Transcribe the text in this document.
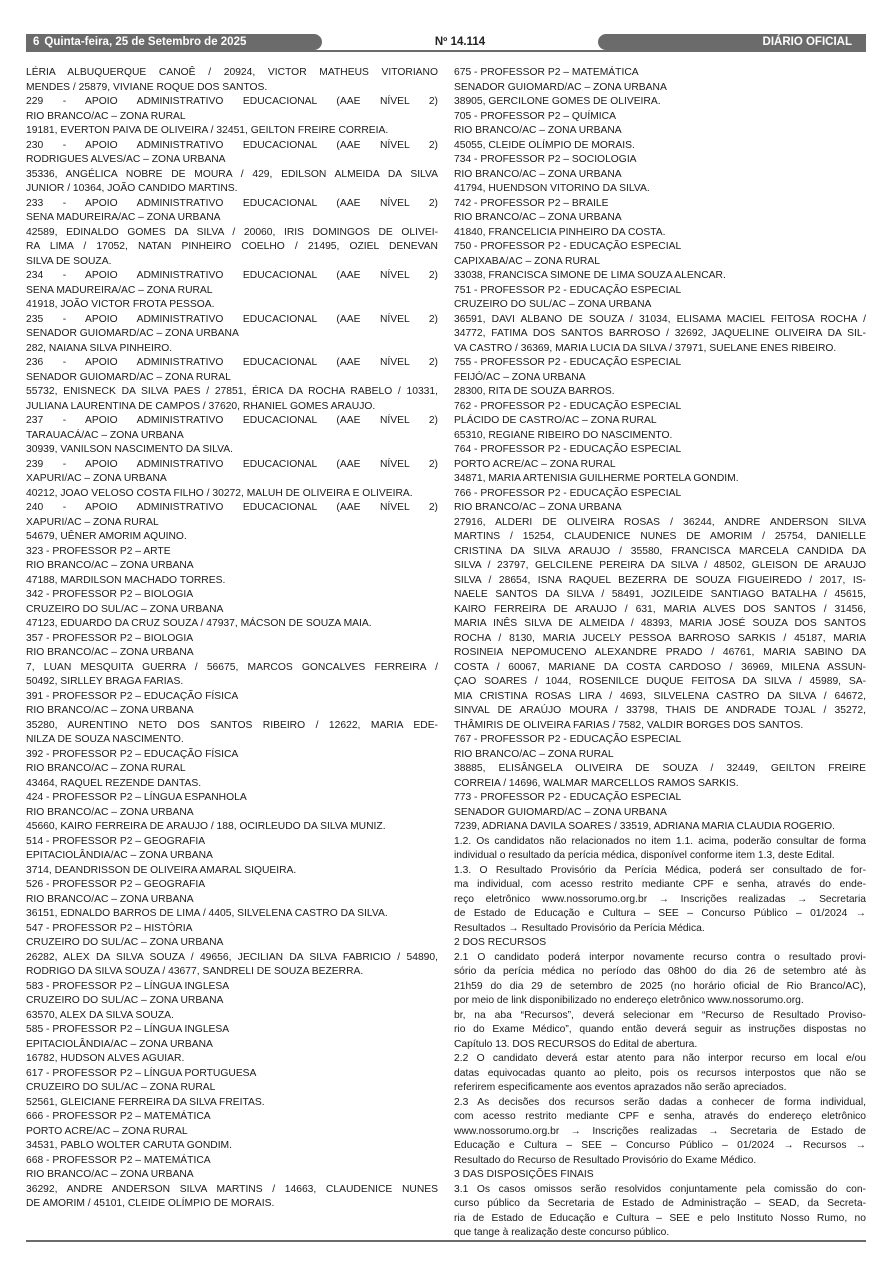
6 Quinta-feira, 25 de Setembro de 2025	Nº 14.114	DIÁRIO OFICIAL
LÉRIA ALBUQUERQUE CANOÊ / 20924, VICTOR MATHEUS VITORIANO
MENDES / 25879, VIVIANE ROQUE DOS SANTOS.
229 - APOIO ADMINISTRATIVO EDUCACIONAL (AAE NÍVEL 2)
RIO BRANCO/AC – ZONA RURAL
19181, EVERTON PAIVA DE OLIVEIRA / 32451, GEILTON FREIRE CORREIA.
230 - APOIO ADMINISTRATIVO EDUCACIONAL (AAE NÍVEL 2)
RODRIGUES ALVES/AC – ZONA URBANA
35336, ANGÉLICA NOBRE DE MOURA / 429, EDILSON ALMEIDA DA SILVA
JUNIOR / 10364, JOÃO CANDIDO MARTINS.
233 - APOIO ADMINISTRATIVO EDUCACIONAL (AAE NÍVEL 2)
SENA MADUREIRA/AC – ZONA URBANA
42589, EDINALDO GOMES DA SILVA / 20060, IRIS DOMINGOS DE OLIVEI-
RA LIMA / 17052, NATAN PINHEIRO COELHO / 21495, OZIEL DENEVAN
SILVA DE SOUZA.
234 - APOIO ADMINISTRATIVO EDUCACIONAL (AAE NÍVEL 2)
SENA MADUREIRA/AC – ZONA RURAL
41918, JOÃO VICTOR FROTA PESSOA.
235 - APOIO ADMINISTRATIVO EDUCACIONAL (AAE NÍVEL 2)
SENADOR GUIOMARD/AC – ZONA URBANA
282, NAIANA SILVA PINHEIRO.
236 - APOIO ADMINISTRATIVO EDUCACIONAL (AAE NÍVEL 2)
SENADOR GUIOMARD/AC – ZONA RURAL
55732, ENISNECK DA SILVA PAES / 27851, ÉRICA DA ROCHA RABELO / 10331,
JULIANA LAURENTINA DE CAMPOS / 37620, RHANIEL GOMES ARAUJO.
237 - APOIO ADMINISTRATIVO EDUCACIONAL (AAE NÍVEL 2)
TARAUACÁ/AC – ZONA URBANA
30939, VANILSON NASCIMENTO DA SILVA.
239 - APOIO ADMINISTRATIVO EDUCACIONAL (AAE NÍVEL 2)
XAPURI/AC – ZONA URBANA
40212, JOAO VELOSO COSTA FILHO / 30272, MALUH DE OLIVEIRA E OLIVEIRA.
240 - APOIO ADMINISTRATIVO EDUCACIONAL (AAE NÍVEL 2)
XAPURI/AC – ZONA RURAL
54679, UÊNER AMORIM AQUINO.
323 - PROFESSOR P2 – ARTE
RIO BRANCO/AC – ZONA URBANA
47188, MARDILSON MACHADO TORRES.
342 - PROFESSOR P2 – BIOLOGIA
CRUZEIRO DO SUL/AC – ZONA URBANA
47123, EDUARDO DA CRUZ SOUZA / 47937, MÁCSON DE SOUZA MAIA.
357 - PROFESSOR P2 – BIOLOGIA
RIO BRANCO/AC – ZONA URBANA
7, LUAN MESQUITA GUERRA / 56675, MARCOS GONCALVES FERREIRA /
50492, SIRLLEY BRAGA FARIAS.
391 - PROFESSOR P2 – EDUCAÇÃO FÍSICA
RIO BRANCO/AC – ZONA URBANA
35280, AURENTINO NETO DOS SANTOS RIBEIRO / 12622, MARIA EDE-
NILZA DE SOUZA NASCIMENTO.
392 - PROFESSOR P2 – EDUCAÇÃO FÍSICA
RIO BRANCO/AC – ZONA RURAL
43464, RAQUEL REZENDE DANTAS.
424 - PROFESSOR P2 – LÍNGUA ESPANHOLA
RIO BRANCO/AC – ZONA URBANA
45660, KAIRO FERREIRA DE ARAUJO / 188, OCIRLEUDO DA SILVA MUNIZ.
514 - PROFESSOR P2 – GEOGRAFIA
EPITACIOLÂNDIA/AC – ZONA URBANA
3714, DEANDRISSON DE OLIVEIRA AMARAL SIQUEIRA.
526 - PROFESSOR P2 – GEOGRAFIA
RIO BRANCO/AC – ZONA URBANA
36151, EDNALDO BARROS DE LIMA / 4405, SILVELENA CASTRO DA SILVA.
547 - PROFESSOR P2 – HISTÓRIA
CRUZEIRO DO SUL/AC – ZONA URBANA
26282, ALEX DA SILVA SOUZA / 49656, JECILIAN DA SILVA FABRICIO / 54890,
RODRIGO DA SILVA SOUZA / 43677, SANDRELI DE SOUZA BEZERRA.
583 - PROFESSOR P2 – LÍNGUA INGLESA
CRUZEIRO DO SUL/AC – ZONA URBANA
63570, ALEX DA SILVA SOUZA.
585 - PROFESSOR P2 – LÍNGUA INGLESA
EPITACIOLÂNDIA/AC – ZONA URBANA
16782, HUDSON ALVES AGUIAR.
617 - PROFESSOR P2 – LÍNGUA PORTUGUESA
CRUZEIRO DO SUL/AC – ZONA RURAL
52561, GLEICIANE FERREIRA DA SILVA FREITAS.
666 - PROFESSOR P2 – MATEMÁTICA
PORTO ACRE/AC – ZONA RURAL
34531, PABLO WOLTER CARUTA GONDIM.
668 - PROFESSOR P2 – MATEMÁTICA
RIO BRANCO/AC – ZONA URBANA
36292, ANDRE ANDERSON SILVA MARTINS / 14663, CLAUDENICE NUNES
DE AMORIM / 45101, CLEIDE OLÍMPIO DE MORAIS.
675 - PROFESSOR P2 – MATEMÁTICA
SENADOR GUIOMARD/AC – ZONA URBANA
38905, GERCILONE GOMES DE OLIVEIRA.
705 - PROFESSOR P2 – QUÍMICA
RIO BRANCO/AC – ZONA URBANA
45055, CLEIDE OLÍMPIO DE MORAIS.
734 - PROFESSOR P2 – SOCIOLOGIA
RIO BRANCO/AC – ZONA URBANA
41794, HUENDSON VITORINO DA SILVA.
742 - PROFESSOR P2 – BRAILE
RIO BRANCO/AC – ZONA URBANA
41840, FRANCELICIA PINHEIRO DA COSTA.
750 - PROFESSOR P2 - EDUCAÇÃO ESPECIAL
CAPIXABA/AC – ZONA RURAL
33038, FRANCISCA SIMONE DE LIMA SOUZA ALENCAR.
751 - PROFESSOR P2 - EDUCAÇÃO ESPECIAL
CRUZEIRO DO SUL/AC – ZONA URBANA
36591, DAVI ALBANO DE SOUZA / 31034, ELISAMA MACIEL FEITOSA ROCHA /
34772, FATIMA DOS SANTOS BARROSO / 32692, JAQUELINE OLIVEIRA DA SIL-
VA CASTRO / 36369, MARIA LUCIA DA SILVA / 37971, SUELANE ENES RIBEIRO.
755 - PROFESSOR P2 - EDUCAÇÃO ESPECIAL
FEIJÓ/AC – ZONA URBANA
28300, RITA DE SOUZA BARROS.
762 - PROFESSOR P2 - EDUCAÇÃO ESPECIAL
PLÁCIDO DE CASTRO/AC – ZONA RURAL
65310, REGIANE RIBEIRO DO NASCIMENTO.
764 - PROFESSOR P2 - EDUCAÇÃO ESPECIAL
PORTO ACRE/AC – ZONA RURAL
34871, MARIA ARTENISIA GUILHERME PORTELA GONDIM.
766 - PROFESSOR P2 - EDUCAÇÃO ESPECIAL
RIO BRANCO/AC – ZONA URBANA
27916, ALDERI DE OLIVEIRA ROSAS / 36244, ANDRE ANDERSON SILVA
MARTINS / 15254, CLAUDENICE NUNES DE AMORIM / 25754, DANIELLE
CRISTINA DA SILVA ARAUJO / 35580, FRANCISCA MARCELA CANDIDA DA
SILVA / 23797, GELCILENE PEREIRA DA SILVA / 48502, GLEISON DE ARAUJO
SILVA / 28654, ISNA RAQUEL BEZERRA DE SOUZA FIGUEIREDO / 2017, IS-
NAELE SANTOS DA SILVA / 58491, JOZILEIDE SANTIAGO BATALHA / 45615,
KAIRO FERREIRA DE ARAUJO / 631, MARIA ALVES DOS SANTOS / 31456,
MARIA INÊS SILVA DE ALMEIDA / 48393, MARIA JOSÉ SOUZA DOS SANTOS
ROCHA / 8130, MARIA JUCELY PESSOA BARROSO SARKIS / 45187, MARIA
ROSINEIA NEPOMUCENO ALEXANDRE PRADO / 46761, MARIA SABINO DA
COSTA / 60067, MARIANE DA COSTA CARDOSO / 36969, MILENA ASSUN-
ÇAO SOARES / 1044, ROSENILCE DUQUE FEITOSA DA SILVA / 45989, SA-
MIA CRISTINA ROSAS LIRA / 4693, SILVELENA CASTRO DA SILVA / 64672,
SINVAL DE ARAÚJO MOURA / 33798, THAIS DE ANDRADE TOJAL / 35272,
THÂMIRIS DE OLIVEIRA FARIAS / 7582, VALDIR BORGES DOS SANTOS.
767 - PROFESSOR P2 - EDUCAÇÃO ESPECIAL
RIO BRANCO/AC – ZONA RURAL
38885, ELISÂNGELA OLIVEIRA DE SOUZA / 32449, GEILTON FREIRE
CORREIA / 14696, WALMAR MARCELLOS RAMOS SARKIS.
773 - PROFESSOR P2 - EDUCAÇÃO ESPECIAL
SENADOR GUIOMARD/AC – ZONA URBANA
7239, ADRIANA DAVILA SOARES / 33519, ADRIANA MARIA CLAUDIA ROGERIO.
1.2. Os candidatos não relacionados no item 1.1. acima, poderão consultar de forma
individual o resultado da perícia médica, disponível conforme item 1.3, deste Edital.
1.3. O Resultado Provisório da Perícia Médica, poderá ser consultado de for-
ma individual, com acesso restrito mediante CPF e senha, através do ende-
reço eletrônico www.nossorumo.org.br → Inscrições realizadas → Secretaria
de Estado de Educação e Cultura – SEE – Concurso Público – 01/2024 →
Resultados → Resultado Provisório da Perícia Médica.
2 DOS RECURSOS
2.1 O candidato poderá interpor novamente recurso contra o resultado provi-
sório da perícia médica no período das 08h00 do dia 26 de setembro até às
21h59 do dia 29 de setembro de 2025 (no horário oficial de Rio Branco/AC),
por meio de link disponibilizado no endereço eletrônico www.nossorumo.org.
br, na aba “Recursos”, deverá selecionar em “Recurso de Resultado Proviso-
rio do Exame Médico”, quando então deverá seguir as instruções dispostas no
Capítulo 13. DOS RECURSOS do Edital de abertura.
2.2 O candidato deverá estar atento para não interpor recurso em local e/ou
datas equivocadas quanto ao pleito, pois os recursos interpostos que não se
referirem especificamente aos eventos aprazados não serão apreciados.
2.3 As decisões dos recursos serão dadas a conhecer de forma individual,
com acesso restrito mediante CPF e senha, através do endereço eletrônico
www.nossorumo.org.br → Inscrições realizadas → Secretaria de Estado de
Educação e Cultura – SEE – Concurso Público – 01/2024 → Recursos →
Resultado do Recurso de Resultado Provisório do Exame Médico.
3 DAS DISPOSIÇÕES FINAIS
3.1 Os casos omissos serão resolvidos conjuntamente pela comissão do con-
curso público da Secretaria de Estado de Administração – SEAD, da Secreta-
ria de Estado de Educação e Cultura – SEE e pelo Instituto Nosso Rumo, no
que tange à realização deste concurso público.
